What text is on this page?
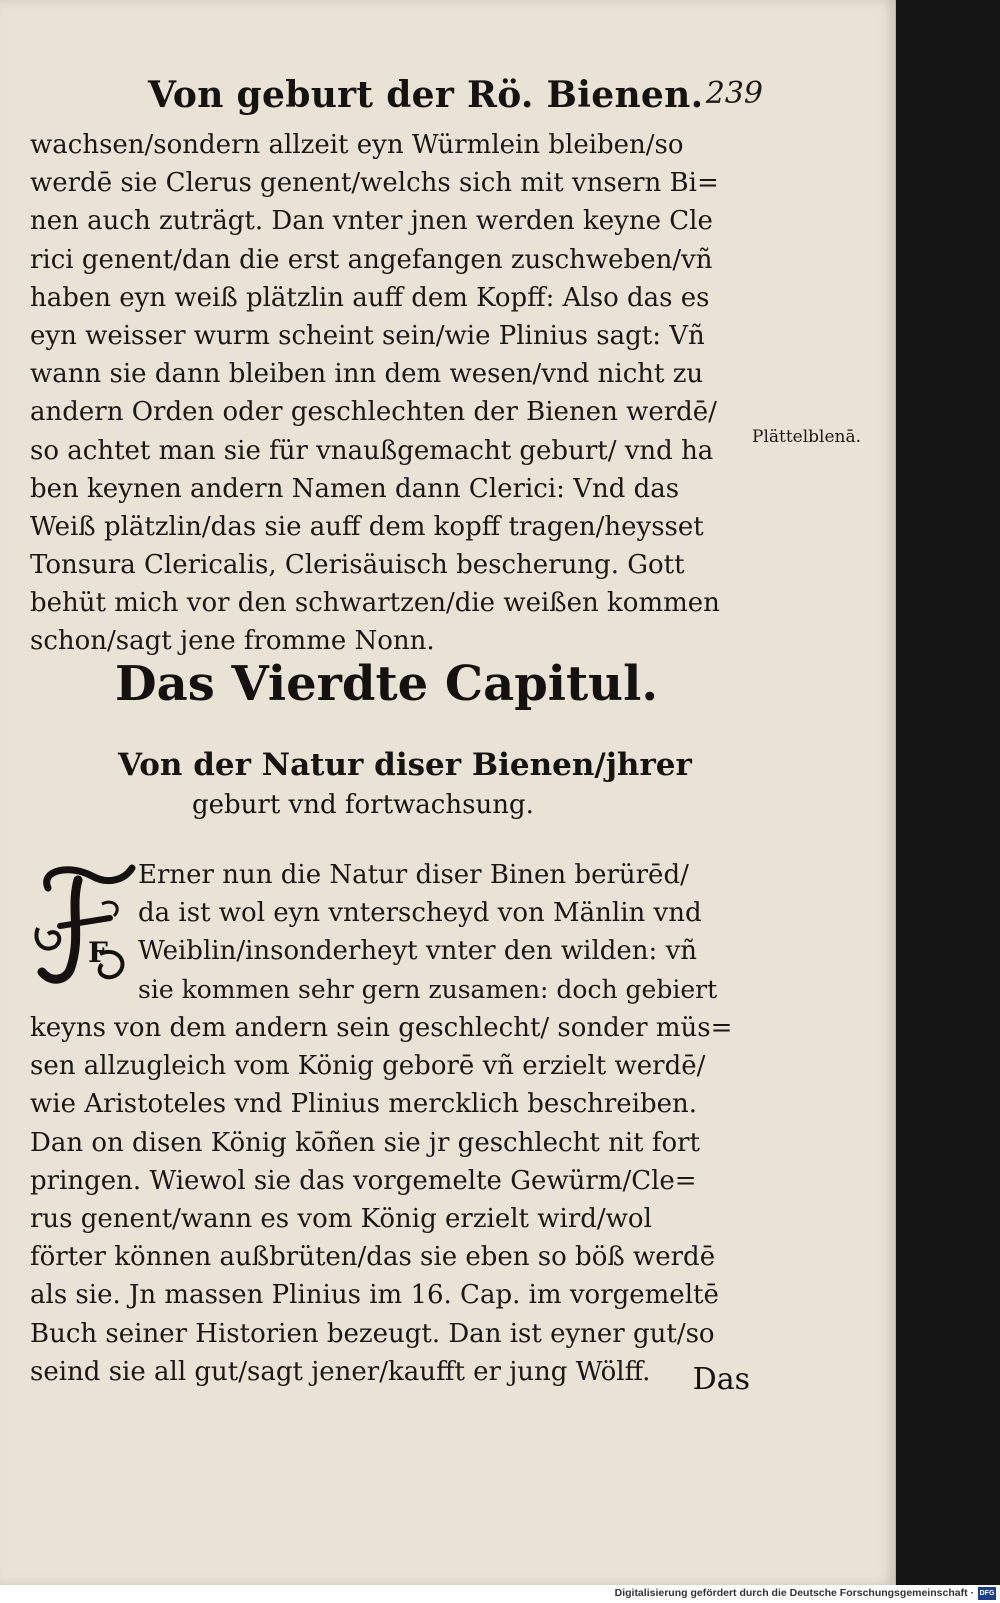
Von geburt der Rö. Bienen. 239
wachsen/sondern allzeit eyn Würmlein bleiben/so
werdē sie Clerus genent/welchs sich mit vnsern Bi=
nen auch zuträgt. Dan vnter jnen werden keyne Cle
rici genent/dan die erst angefangen zuschweben/vñ
haben eyn weiß plätzlin auff dem Kopff: Also das es
eyn weisser wurm scheint sein/wie Plinius sagt: Vñ
wann sie dann bleiben inn dem wesen/vnd nicht zu
andern Orden oder geschlechten der Bienen werdē/
so achtet man sie für vnaußgemacht geburt/ vnd ha
ben keynen andern Namen dann Clerici: Vnd das
Weiß plätzlin/das sie auff dem kopff tragen/heysset
Tonsura Clericalis, Clerisäuisch bescherung. Gott
behüt mich vor den schwartzen/die weißen kommen
schon/sagt jene fromme Nonn.
Plättelblenā.
Das Vierdte Capitul.
Von der Natur diser Bienen/jhrer
geburt vnd fortwachsung.
F
Erner nun die Natur diser Binen berürēd/
da ist wol eyn vnterscheyd von Mänlin vnd
Weiblin/insonderheyt vnter den wilden: vñ
sie kommen sehr gern zusamen: doch gebiert
keyns von dem andern sein geschlecht/ sonder müs=
sen allzugleich vom König geborē vñ erzielt werdē/
wie Aristoteles vnd Plinius mercklich beschreiben.
Dan on disen König kōñen sie jr geschlecht nit fort
pringen. Wiewol sie das vorgemelte Gewürm/Cle=
rus genent/wann es vom König erzielt wird/wol
förter können außbrüten/das sie eben so böß werdē
als sie. Jn massen Plinius im 16. Cap. im vorgemeltē
Buch seiner Historien bezeugt. Dan ist eyner gut/so
seind sie all gut/sagt jener/kaufft er jung Wölff.	Das
Digitalisierung gefördert durch die Deutsche Forschungsgemeinschaft · DFG
